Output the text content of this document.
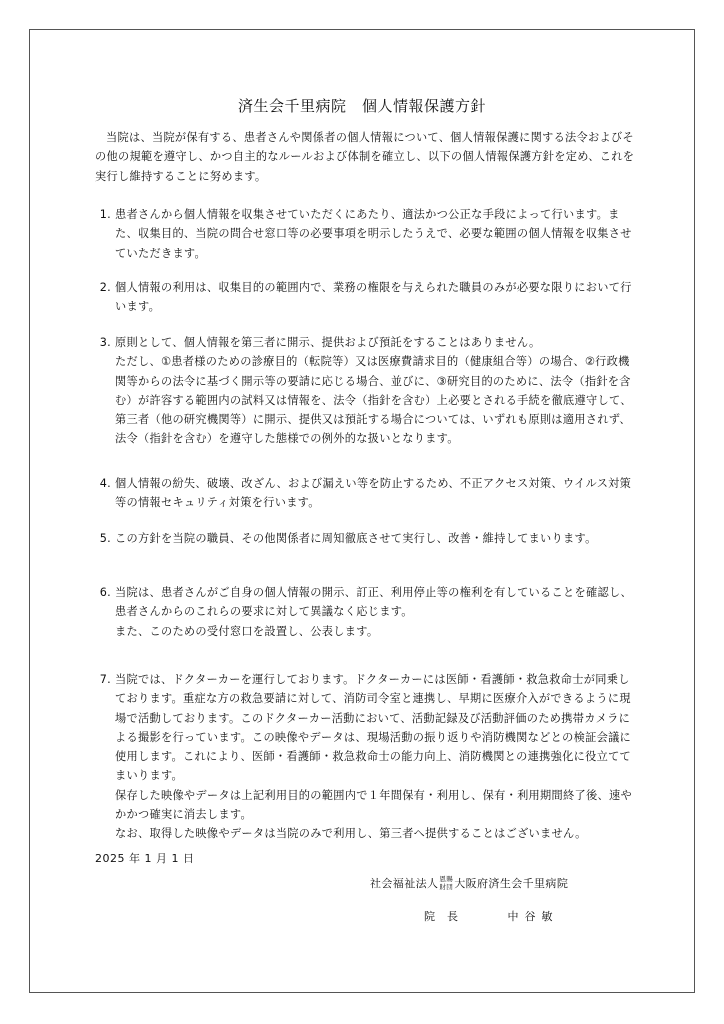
済生会千里病院　個人情報保護方針
当院は、当院が保有する、患者さんや関係者の個人情報について、個人情報保護に関する法令およびその他の規範を遵守し、かつ自主的なルールおよび体制を確立し、以下の個人情報保護方針を定め、これを実行し維持することに努めます。
1. 患者さんから個人情報を収集させていただくにあたり、適法かつ公正な手段によって行います。また、収集目的、当院の問合せ窓口等の必要事項を明示したうえで、必要な範囲の個人情報を収集させていただきます。

2. 個人情報の利用は、収集目的の範囲内で、業務の権限を与えられた職員のみが必要な限りにおいて行います。

3. 原則として、個人情報を第三者に開示、提供および預託をすることはありません。

ただし、①患者様のための診療目的（転院等）又は医療費請求目的（健康組合等）の場合、②行政機関等からの法令に基づく開示等の要請に応じる場合、並びに、③研究目的のために、法令（指針を含む）が許容する範囲内の試料又は情報を、法令（指針を含む）上必要とされる手続を徹底遵守して、第三者（他の研究機関等）に開示、提供又は預託する場合については、いずれも原則は適用されず、法令（指針を含む）を遵守した態様での例外的な扱いとなります。

4. 個人情報の紛失、破壊、改ざん、および漏えい等を防止するため、不正アクセス対策、ウイルス対策等の情報セキュリティ対策を行います。

5. この方針を当院の職員、その他関係者に周知徹底させて実行し、改善・維持してまいります。

6. 当院は、患者さんがご自身の個人情報の開示、訂正、利用停止等の権利を有していることを確認し、患者さんからのこれらの要求に対して異議なく応じます。

また、このための受付窓口を設置し、公表します。

7. 当院では、ドクターカーを運行しております。ドクターカーには医師・看護師・救急救命士が同乗しております。重症な方の救急要請に対して、消防司令室と連携し、早期に医療介入ができるように現場で活動しております。このドクターカー活動において、活動記録及び活動評価のため携帯カメラによる撮影を行っています。この映像やデータは、現場活動の振り返りや消防機関などとの検証会議に使用します。これにより、医師・看護師・救急救命士の能力向上、消防機関との連携強化に役立ててまいります。

保存した映像やデータは上記利用目的の範囲内で１年間保有・利用し、保有・利用期間終了後、速やかかつ確実に消去します。

なお、取得した映像やデータは当院のみで利用し、第三者へ提供することはございません。

2025 年 1 月 1 日
社会福祉法人 恩賜
財団 大阪府済生会千里病院
院長	中谷敏
